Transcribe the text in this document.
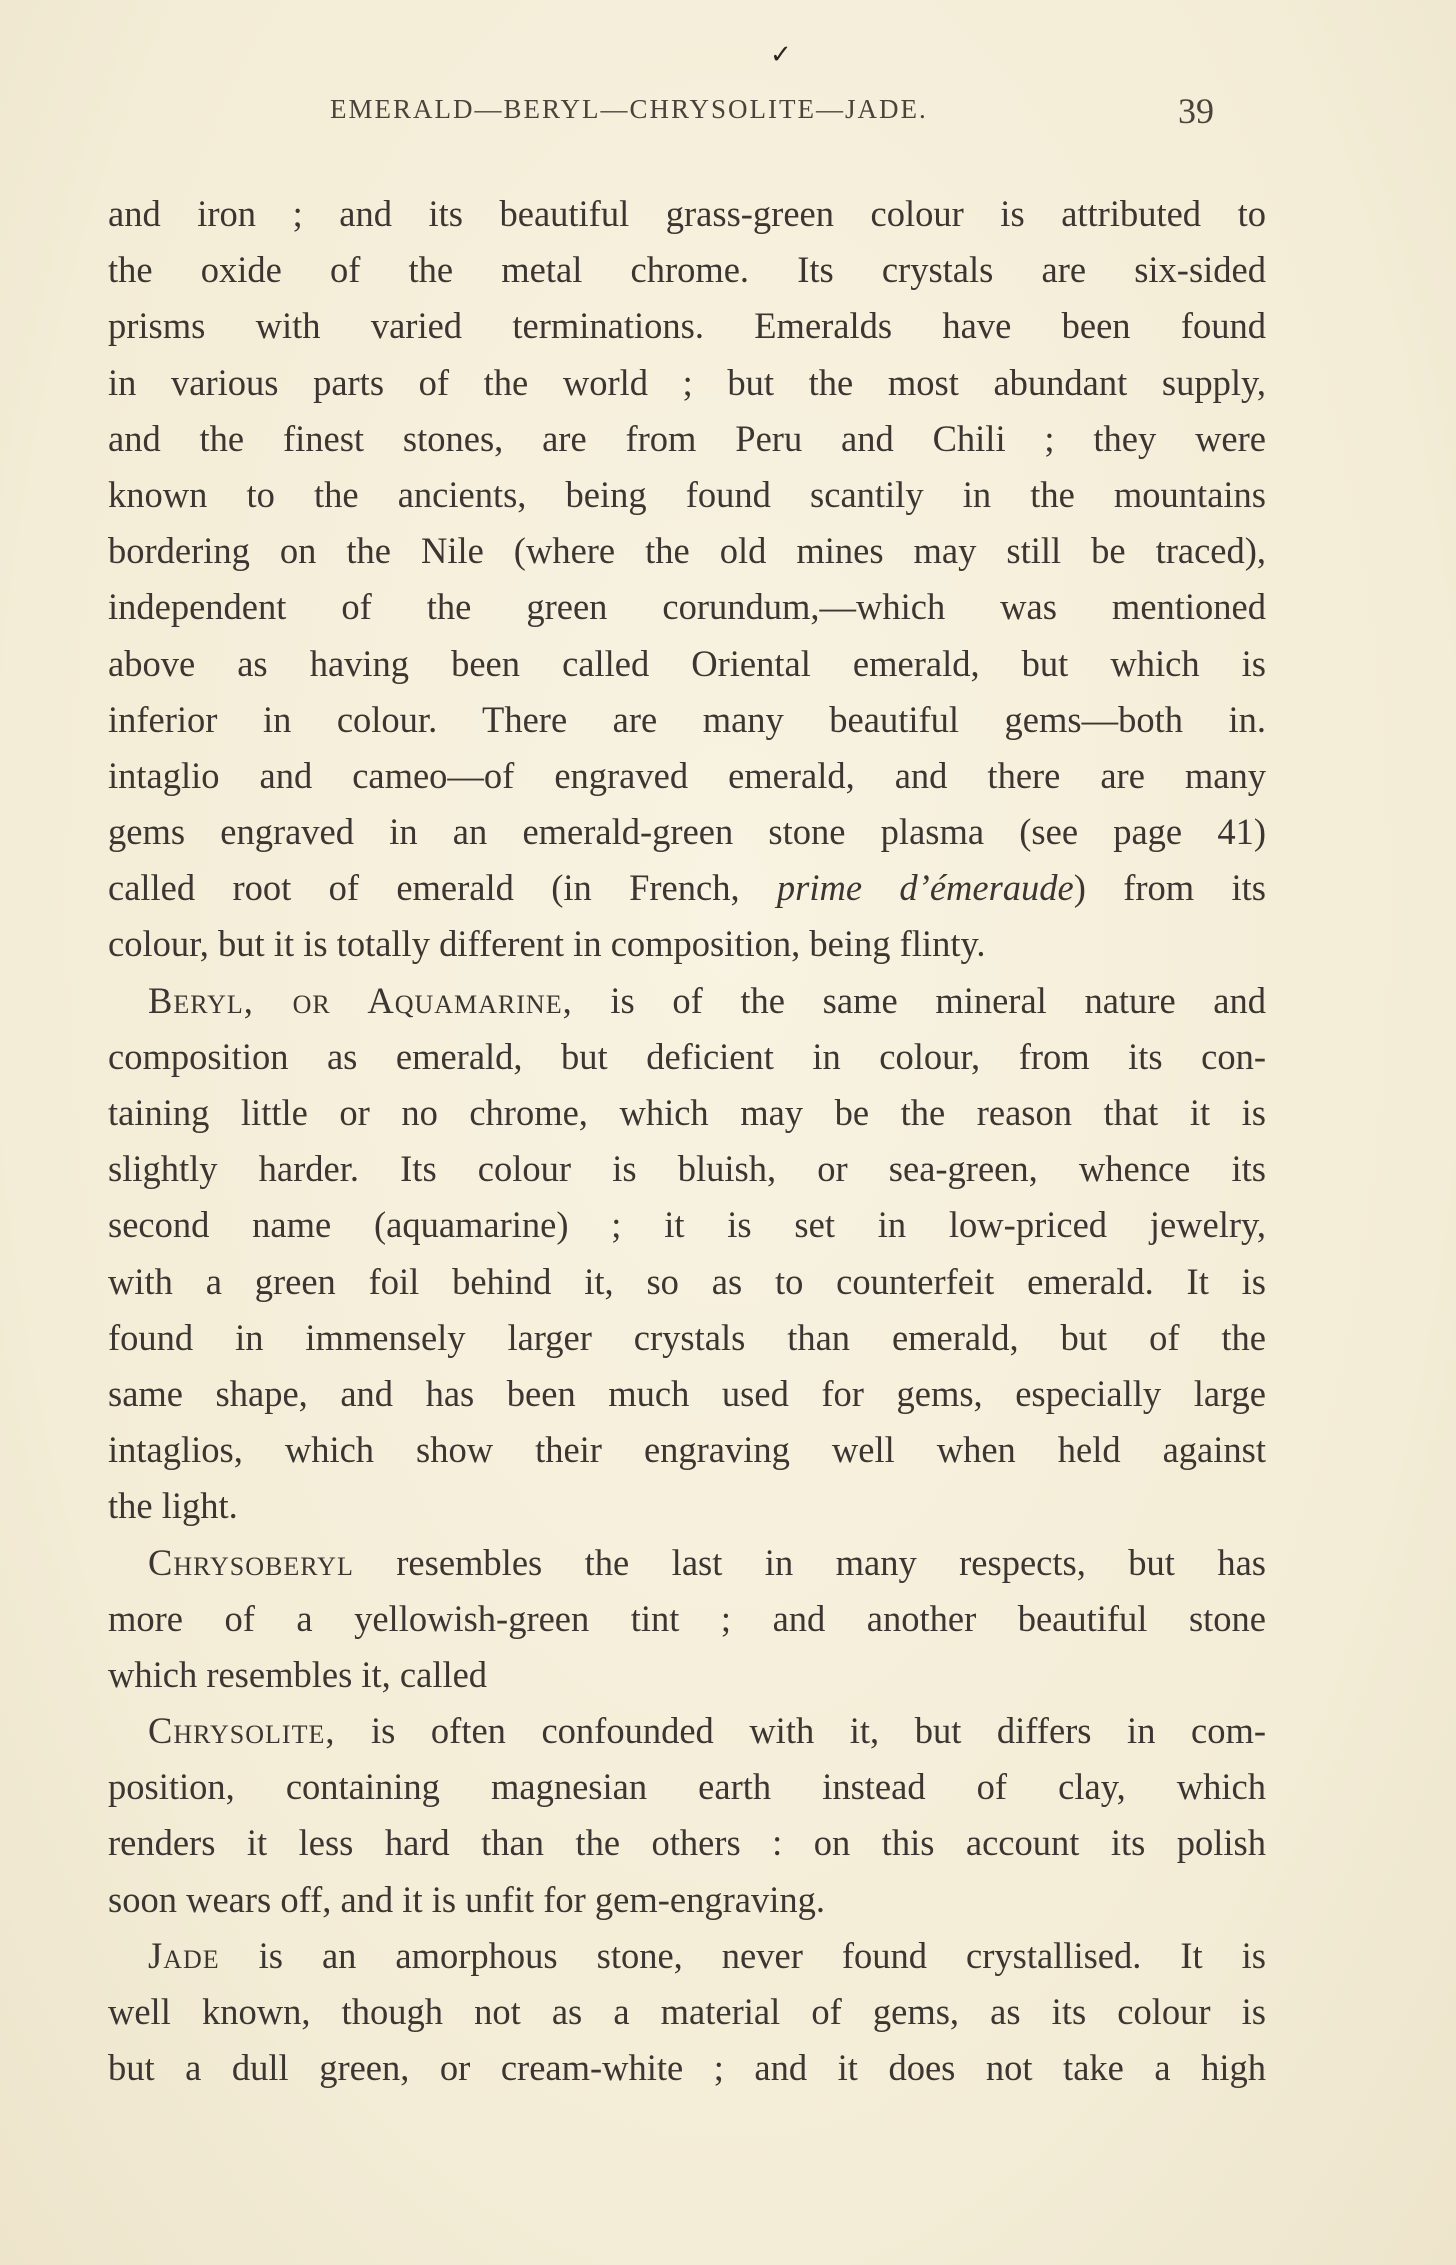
✓
EMERALD—BERYL—CHRYSOLITE—JADE.	39
and iron ; and its beautiful grass-green colour is attributed to
the oxide of the metal chrome. Its crystals are six-sided
prisms with varied terminations. Emeralds have been found
in various parts of the world ; but the most abundant supply,
and the finest stones, are from Peru and Chili ; they were
known to the ancients, being found scantily in the mountains
bordering on the Nile (where the old mines may still be traced),
independent of the green corundum,—which was mentioned
above as having been called Oriental emerald, but which is
inferior in colour. There are many beautiful gems—both in.
intaglio and cameo—of engraved emerald, and there are many
gems engraved in an emerald-green stone plasma (see page 41)
called root of emerald (in French, prime d’émeraude) from its
colour, but it is totally different in composition, being flinty.
Beryl, or Aquamarine, is of the same mineral nature and
composition as emerald, but deficient in colour, from its con-
taining little or no chrome, which may be the reason that it is
slightly harder. Its colour is bluish, or sea-green, whence its
second name (aquamarine) ; it is set in low-priced jewelry,
with a green foil behind it, so as to counterfeit emerald. It is
found in immensely larger crystals than emerald, but of the
same shape, and has been much used for gems, especially large
intaglios, which show their engraving well when held against
the light.
Chrysoberyl resembles the last in many respects, but has
more of a yellowish-green tint ; and another beautiful stone
which resembles it, called
Chrysolite, is often confounded with it, but differs in com-
position, containing magnesian earth instead of clay, which
renders it less hard than the others : on this account its polish
soon wears off, and it is unfit for gem-engraving.
Jade is an amorphous stone, never found crystallised. It is
well known, though not as a material of gems, as its colour is
but a dull green, or cream-white ; and it does not take a high
